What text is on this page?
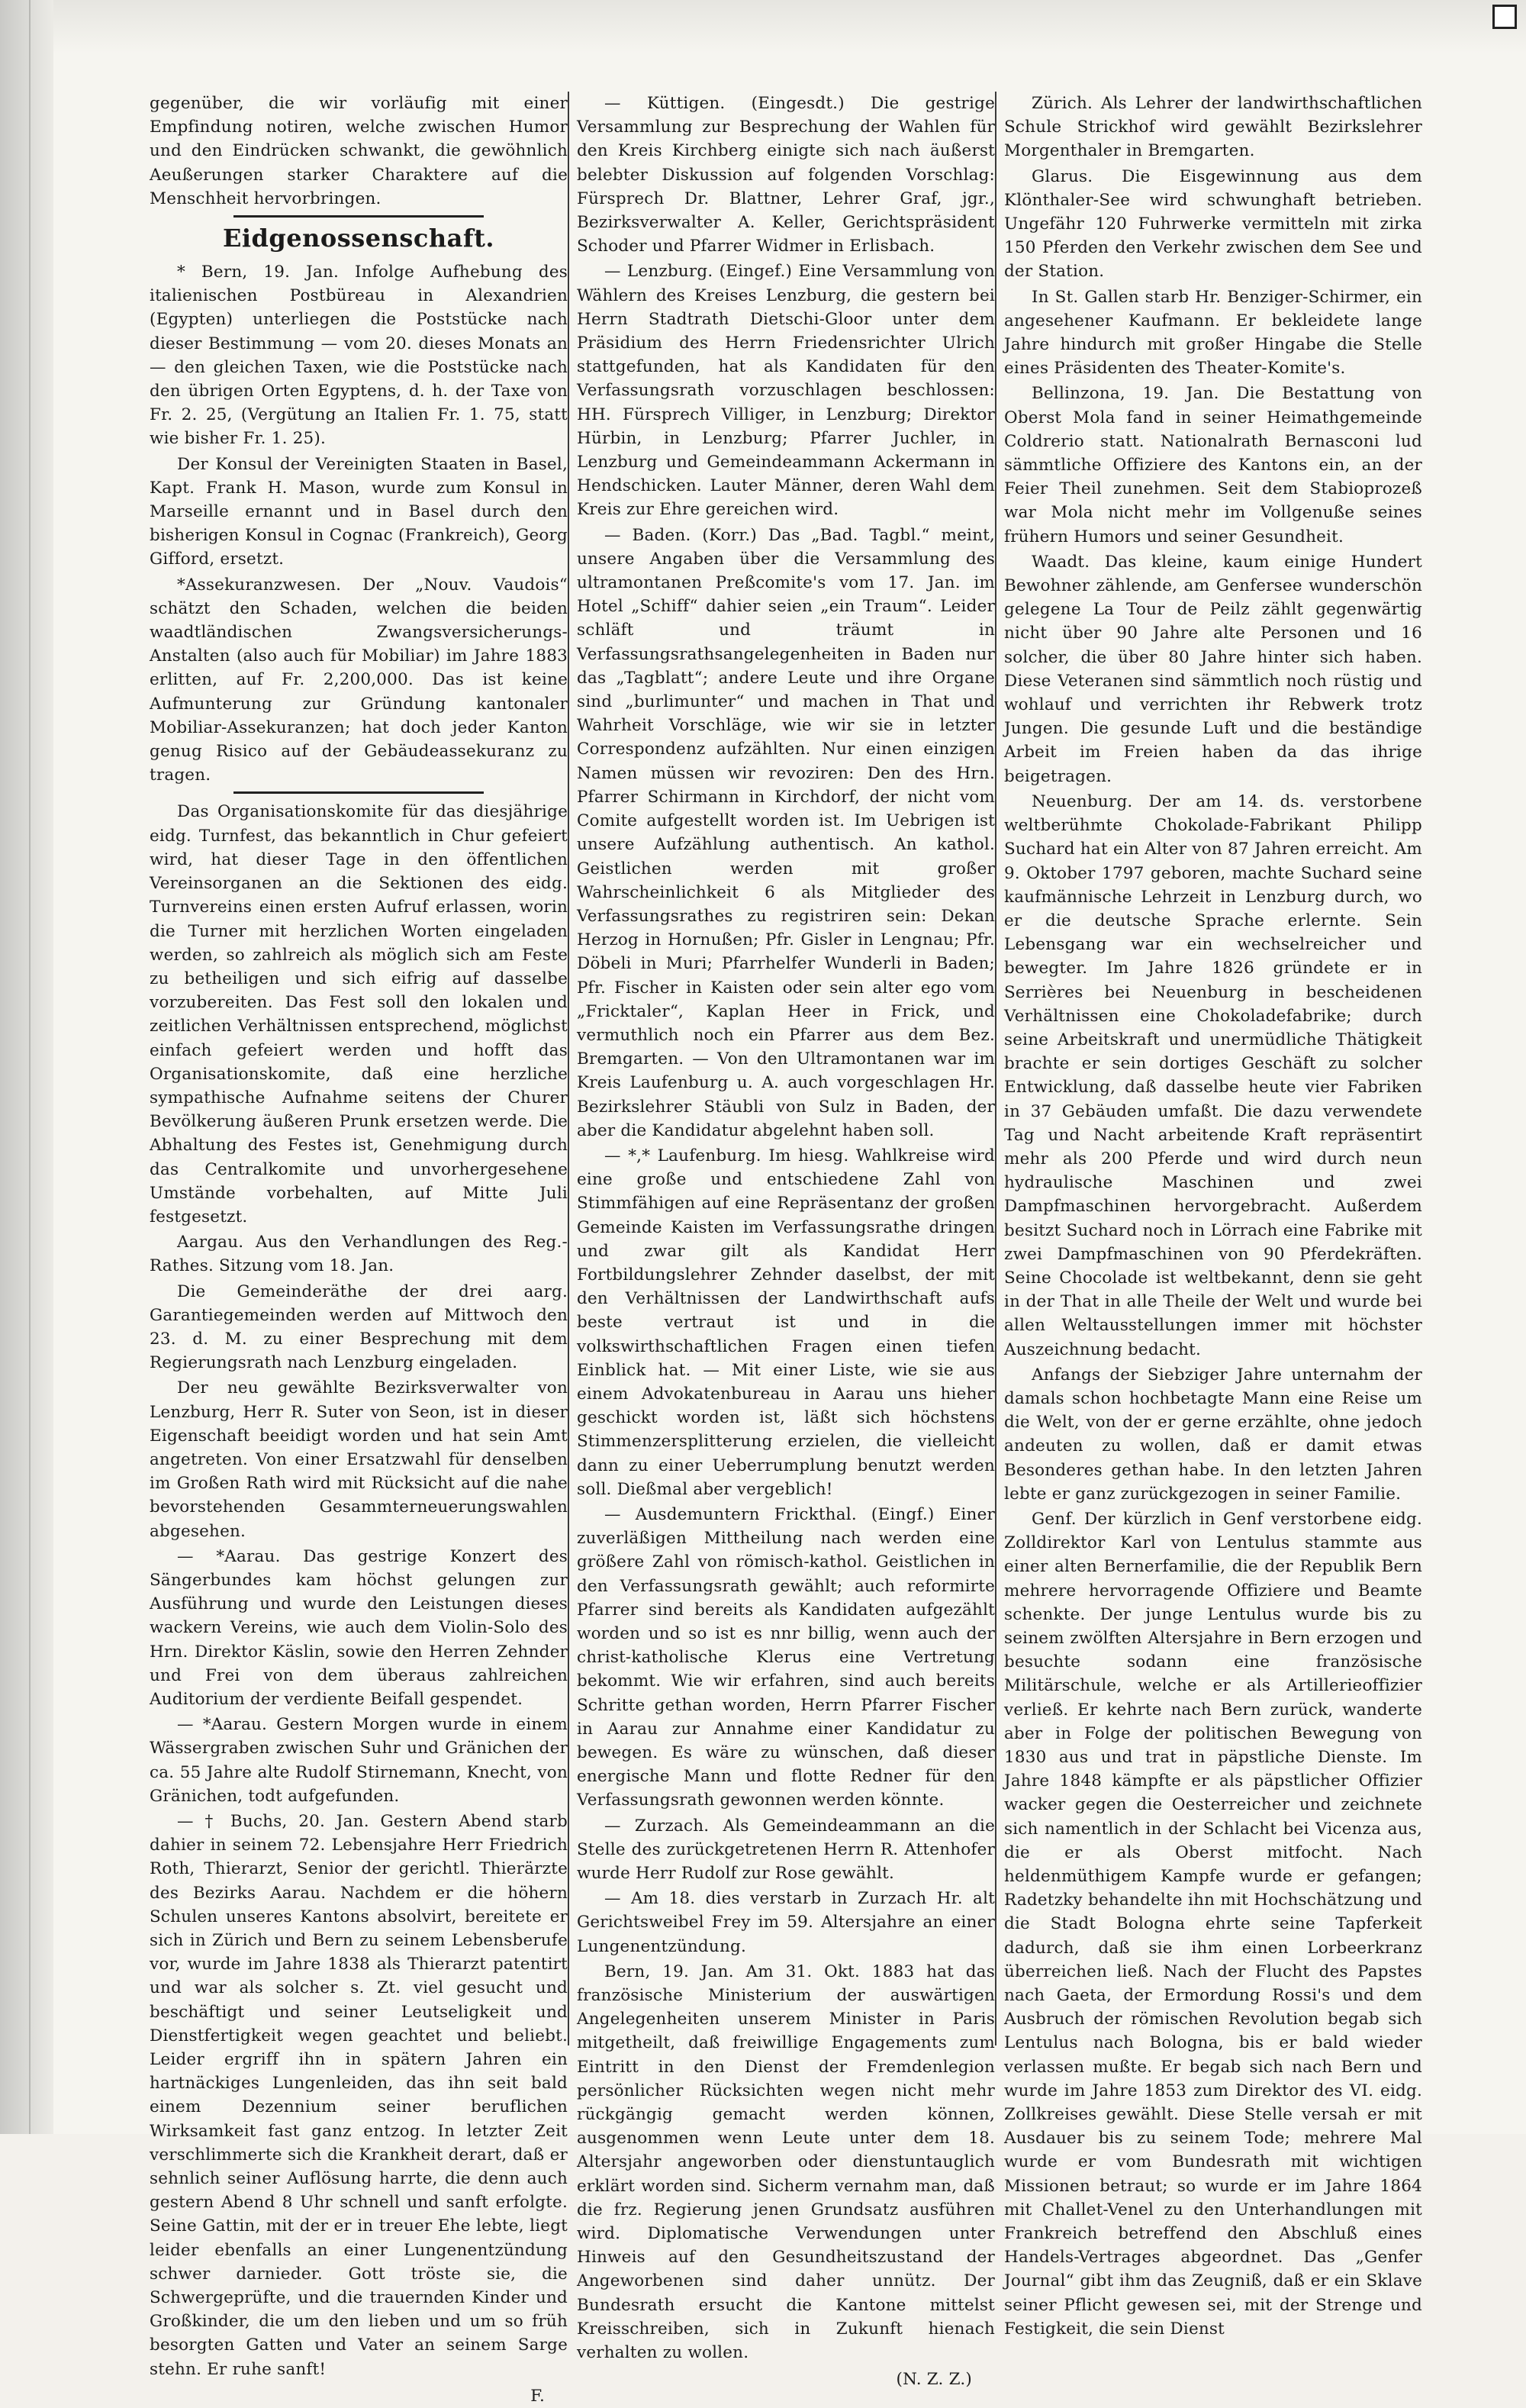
gegenüber, die wir vorläufig mit einer Empfindung notiren, welche zwischen Humor und den Eindrücken schwankt, die gewöhnlich Aeußerungen starker Charaktere auf die Menschheit hervorbringen.

Eidgenossenschaft.

* Bern, 19. Jan. Infolge Aufhebung des italienischen Postbüreau in Alexandrien (Egypten) unterliegen die Poststücke nach dieser Bestimmung — vom 20. dieses Monats an — den gleichen Taxen, wie die Poststücke nach den übrigen Orten Egyptens, d. h. der Taxe von Fr. 2. 25, (Vergütung an Italien Fr. 1. 75, statt wie bisher Fr. 1. 25).

Der Konsul der Vereinigten Staaten in Basel, Kapt. Frank H. Mason, wurde zum Konsul in Marseille ernannt und in Basel durch den bisherigen Konsul in Cognac (Frankreich), Georg Gifford, ersetzt.

*Assekuranzwesen. Der „Nouv. Vaudois“ schätzt den Schaden, welchen die beiden waadtländischen Zwangsversicherungs-Anstalten (also auch für Mobiliar) im Jahre 1883 erlitten, auf Fr. 2,200,000. Das ist keine Aufmunterung zur Gründung kantonaler Mobiliar-Assekuranzen; hat doch jeder Kanton genug Risico auf der Gebäudeassekuranz zu tragen.

Das Organisationskomite für das diesjährige eidg. Turnfest, das bekanntlich in Chur gefeiert wird, hat dieser Tage in den öffentlichen Vereinsorganen an die Sektionen des eidg. Turnvereins einen ersten Aufruf erlassen, worin die Turner mit herzlichen Worten eingeladen werden, so zahlreich als möglich sich am Feste zu betheiligen und sich eifrig auf dasselbe vorzubereiten. Das Fest soll den lokalen und zeitlichen Verhältnissen entsprechend, möglichst einfach gefeiert werden und hofft das Organisationskomite, daß eine herzliche sympathische Aufnahme seitens der Churer Bevölkerung äußeren Prunk ersetzen werde. Die Abhaltung des Festes ist, Genehmigung durch das Centralkomite und unvorhergesehene Umstände vorbehalten, auf Mitte Juli festgesetzt.

Aargau. Aus den Verhandlungen des Reg.-Rathes. Sitzung vom 18. Jan.

Die Gemeinderäthe der drei aarg. Garantiegemeinden werden auf Mittwoch den 23. d. M. zu einer Besprechung mit dem Regierungsrath nach Lenzburg eingeladen.

Der neu gewählte Bezirksverwalter von Lenzburg, Herr R. Suter von Seon, ist in dieser Eigenschaft beeidigt worden und hat sein Amt angetreten. Von einer Ersatzwahl für denselben im Großen Rath wird mit Rücksicht auf die nahe bevorstehenden Gesammterneuerungswahlen abgesehen.

— *Aarau. Das gestrige Konzert des Sängerbundes kam höchst gelungen zur Ausführung und wurde den Leistungen dieses wackern Vereins, wie auch dem Violin-Solo des Hrn. Direktor Käslin, sowie den Herren Zehnder und Frei von dem überaus zahlreichen Auditorium der verdiente Beifall gespendet.

— *Aarau. Gestern Morgen wurde in einem Wässergraben zwischen Suhr und Gränichen der ca. 55 Jahre alte Rudolf Stirnemann, Knecht, von Gränichen, todt aufgefunden.

— † Buchs, 20. Jan. Gestern Abend starb dahier in seinem 72. Lebensjahre Herr Friedrich Roth, Thierarzt, Senior der gerichtl. Thierärzte des Bezirks Aarau. Nachdem er die höhern Schulen unseres Kantons absolvirt, bereitete er sich in Zürich und Bern zu seinem Lebensberufe vor, wurde im Jahre 1838 als Thierarzt patentirt und war als solcher s. Zt. viel gesucht und beschäftigt und seiner Leutseligkeit und Dienstfertigkeit wegen geachtet und beliebt. Leider ergriff ihn in spätern Jahren ein hartnäckiges Lungenleiden, das ihn seit bald einem Dezennium seiner beruflichen Wirksamkeit fast ganz entzog. In letzter Zeit verschlimmerte sich die Krankheit derart, daß er sehnlich seiner Auflösung harrte, die denn auch gestern Abend 8 Uhr schnell und sanft erfolgte. Seine Gattin, mit der er in treuer Ehe lebte, liegt leider ebenfalls an einer Lungenentzündung schwer darnieder. Gott tröste sie, die Schwergeprüfte, und die trauernden Kinder und Großkinder, die um den lieben und um so früh besorgten Gatten und Vater an seinem Sarge stehn. Er ruhe sanft!

F.

— Küttigen. (Eingesdt.) Die gestrige Versammlung zur Besprechung der Wahlen für den Kreis Kirchberg einigte sich nach äußerst belebter Diskussion auf folgenden Vorschlag: Fürsprech Dr. Blattner, Lehrer Graf, jgr., Bezirksverwalter A. Keller, Gerichtspräsident Schoder und Pfarrer Widmer in Erlisbach.

— Lenzburg. (Eingef.) Eine Versammlung von Wählern des Kreises Lenzburg, die gestern bei Herrn Stadtrath Dietschi-Gloor unter dem Präsidium des Herrn Friedensrichter Ulrich stattgefunden, hat als Kandidaten für den Verfassungsrath vorzuschlagen beschlossen: HH. Fürsprech Villiger, in Lenzburg; Direktor Hürbin, in Lenzburg; Pfarrer Juchler, in Lenzburg und Gemeindeammann Ackermann in Hendschicken. Lauter Männer, deren Wahl dem Kreis zur Ehre gereichen wird.

— Baden. (Korr.) Das „Bad. Tagbl.“ meint, unsere Angaben über die Versammlung des ultramontanen Preßcomite's vom 17. Jan. im Hotel „Schiff“ dahier seien „ein Traum“. Leider schläft und träumt in Verfassungsrathsangelegenheiten in Baden nur das „Tagblatt“; andere Leute und ihre Organe sind „burlimunter“ und machen in That und Wahrheit Vorschläge, wie wir sie in letzter Correspondenz aufzählten. Nur einen einzigen Namen müssen wir revoziren: Den des Hrn. Pfarrer Schirmann in Kirchdorf, der nicht vom Comite aufgestellt worden ist. Im Uebrigen ist unsere Aufzählung authentisch. An kathol. Geistlichen werden mit großer Wahrscheinlichkeit 6 als Mitglieder des Verfassungsrathes zu registriren sein: Dekan Herzog in Hornußen; Pfr. Gisler in Lengnau; Pfr. Döbeli in Muri; Pfarrhelfer Wunderli in Baden; Pfr. Fischer in Kaisten oder sein alter ego vom „Fricktaler“, Kaplan Heer in Frick, und vermuthlich noch ein Pfarrer aus dem Bez. Bremgarten. — Von den Ultramontanen war im Kreis Laufenburg u. A. auch vorgeschlagen Hr. Bezirkslehrer Stäubli von Sulz in Baden, der aber die Kandidatur abgelehnt haben soll.

— *,* Laufenburg. Im hiesg. Wahlkreise wird eine große und entschiedene Zahl von Stimmfähigen auf eine Repräsentanz der großen Gemeinde Kaisten im Verfassungsrathe dringen und zwar gilt als Kandidat Herr Fortbildungslehrer Zehnder daselbst, der mit den Verhältnissen der Landwirthschaft aufs beste vertraut ist und in die volkswirthschaftlichen Fragen einen tiefen Einblick hat. — Mit einer Liste, wie sie aus einem Advokatenbureau in Aarau uns hieher geschickt worden ist, läßt sich höchstens Stimmenzersplitterung erzielen, die vielleicht dann zu einer Ueberrumplung benutzt werden soll. Dießmal aber vergeblich!

— Ausdemuntern Frickthal. (Eingf.) Einer zuverläßigen Mittheilung nach werden eine größere Zahl von römisch-kathol. Geistlichen in den Verfassungsrath gewählt; auch reformirte Pfarrer sind bereits als Kandidaten aufgezählt worden und so ist es nnr billig, wenn auch der christ-katholische Klerus eine Vertretung bekommt. Wie wir erfahren, sind auch bereits Schritte gethan worden, Herrn Pfarrer Fischer in Aarau zur Annahme einer Kandidatur zu bewegen. Es wäre zu wünschen, daß dieser energische Mann und flotte Redner für den Verfassungsrath gewonnen werden könnte.

— Zurzach. Als Gemeindeammann an die Stelle des zurückgetretenen Herrn R. Attenhofer wurde Herr Rudolf zur Rose gewählt.

— Am 18. dies verstarb in Zurzach Hr. alt Gerichtsweibel Frey im 59. Altersjahre an einer Lungenentzündung.

Bern, 19. Jan. Am 31. Okt. 1883 hat das französische Ministerium der auswärtigen Angelegenheiten unserem Minister in Paris mitgetheilt, daß freiwillige Engagements zum Eintritt in den Dienst der Fremdenlegion persönlicher Rücksichten wegen nicht mehr rückgängig gemacht werden können, ausgenommen wenn Leute unter dem 18. Altersjahr angeworben oder dienstuntauglich erklärt worden sind. Sicherm vernahm man, daß die frz. Regierung jenen Grundsatz ausführen wird. Diplomatische Verwendungen unter Hinweis auf den Gesundheitszustand der Angeworbenen sind daher unnütz. Der Bundesrath ersucht die Kantone mittelst Kreisschreiben, sich in Zukunft hienach verhalten zu wollen.

(N. Z. Z.)

Zürich. Als Lehrer der landwirthschaftlichen Schule Strickhof wird gewählt Bezirkslehrer Morgenthaler in Bremgarten.

Glarus. Die Eisgewinnung aus dem Klönthaler-See wird schwunghaft betrieben. Ungefähr 120 Fuhrwerke vermitteln mit zirka 150 Pferden den Verkehr zwischen dem See und der Station.

In St. Gallen starb Hr. Benziger-Schirmer, ein angesehener Kaufmann. Er bekleidete lange Jahre hindurch mit großer Hingabe die Stelle eines Präsidenten des Theater-Komite's.

Bellinzona, 19. Jan. Die Bestattung von Oberst Mola fand in seiner Heimathgemeinde Coldrerio statt. Nationalrath Bernasconi lud sämmtliche Offiziere des Kantons ein, an der Feier Theil zunehmen. Seit dem Stabioprozeß war Mola nicht mehr im Vollgenuße seines frühern Humors und seiner Gesundheit.

Waadt. Das kleine, kaum einige Hundert Bewohner zählende, am Genfersee wunderschön gelegene La Tour de Peilz zählt gegenwärtig nicht über 90 Jahre alte Personen und 16 solcher, die über 80 Jahre hinter sich haben. Diese Veteranen sind sämmtlich noch rüstig und wohlauf und verrichten ihr Rebwerk trotz Jungen. Die gesunde Luft und die beständige Arbeit im Freien haben da das ihrige beigetragen.

Neuenburg. Der am 14. ds. verstorbene weltberühmte Chokolade-Fabrikant Philipp Suchard hat ein Alter von 87 Jahren erreicht. Am 9. Oktober 1797 geboren, machte Suchard seine kaufmännische Lehrzeit in Lenzburg durch, wo er die deutsche Sprache erlernte. Sein Lebensgang war ein wechselreicher und bewegter. Im Jahre 1826 gründete er in Serrières bei Neuenburg in bescheidenen Verhältnissen eine Chokoladefabrike; durch seine Arbeitskraft und unermüdliche Thätigkeit brachte er sein dortiges Geschäft zu solcher Entwicklung, daß dasselbe heute vier Fabriken in 37 Gebäuden umfaßt. Die dazu verwendete Tag und Nacht arbeitende Kraft repräsentirt mehr als 200 Pferde und wird durch neun hydraulische Maschinen und zwei Dampfmaschinen hervorgebracht. Außerdem besitzt Suchard noch in Lörrach eine Fabrike mit zwei Dampfmaschinen von 90 Pferdekräften. Seine Chocolade ist weltbekannt, denn sie geht in der That in alle Theile der Welt und wurde bei allen Weltausstellungen immer mit höchster Auszeichnung bedacht.

Anfangs der Siebziger Jahre unternahm der damals schon hochbetagte Mann eine Reise um die Welt, von der er gerne erzählte, ohne jedoch andeuten zu wollen, daß er damit etwas Besonderes gethan habe. In den letzten Jahren lebte er ganz zurückgezogen in seiner Familie.

Genf. Der kürzlich in Genf verstorbene eidg. Zolldirektor Karl von Lentulus stammte aus einer alten Bernerfamilie, die der Republik Bern mehrere hervorragende Offiziere und Beamte schenkte. Der junge Lentulus wurde bis zu seinem zwölften Altersjahre in Bern erzogen und besuchte sodann eine französische Militärschule, welche er als Artillerieoffizier verließ. Er kehrte nach Bern zurück, wanderte aber in Folge der politischen Bewegung von 1830 aus und trat in päpstliche Dienste. Im Jahre 1848 kämpfte er als päpstlicher Offizier wacker gegen die Oesterreicher und zeichnete sich namentlich in der Schlacht bei Vicenza aus, die er als Oberst mitfocht. Nach heldenmüthigem Kampfe wurde er gefangen; Radetzky behandelte ihn mit Hochschätzung und die Stadt Bologna ehrte seine Tapferkeit dadurch, daß sie ihm einen Lorbeerkranz überreichen ließ. Nach der Flucht des Papstes nach Gaeta, der Ermordung Rossi's und dem Ausbruch der römischen Revolution begab sich Lentulus nach Bologna, bis er bald wieder verlassen mußte. Er begab sich nach Bern und wurde im Jahre 1853 zum Direktor des VI. eidg. Zollkreises gewählt. Diese Stelle versah er mit Ausdauer bis zu seinem Tode; mehrere Mal wurde er vom Bundesrath mit wichtigen Missionen betraut; so wurde er im Jahre 1864 mit Challet-Venel zu den Unterhandlungen mit Frankreich betreffend den Abschluß eines Handels-Vertrages abgeordnet. Das „Genfer Journal“ gibt ihm das Zeugniß, daß er ein Sklave seiner Pflicht gewesen sei, mit der Strenge und Festigkeit, die sein Dienst
